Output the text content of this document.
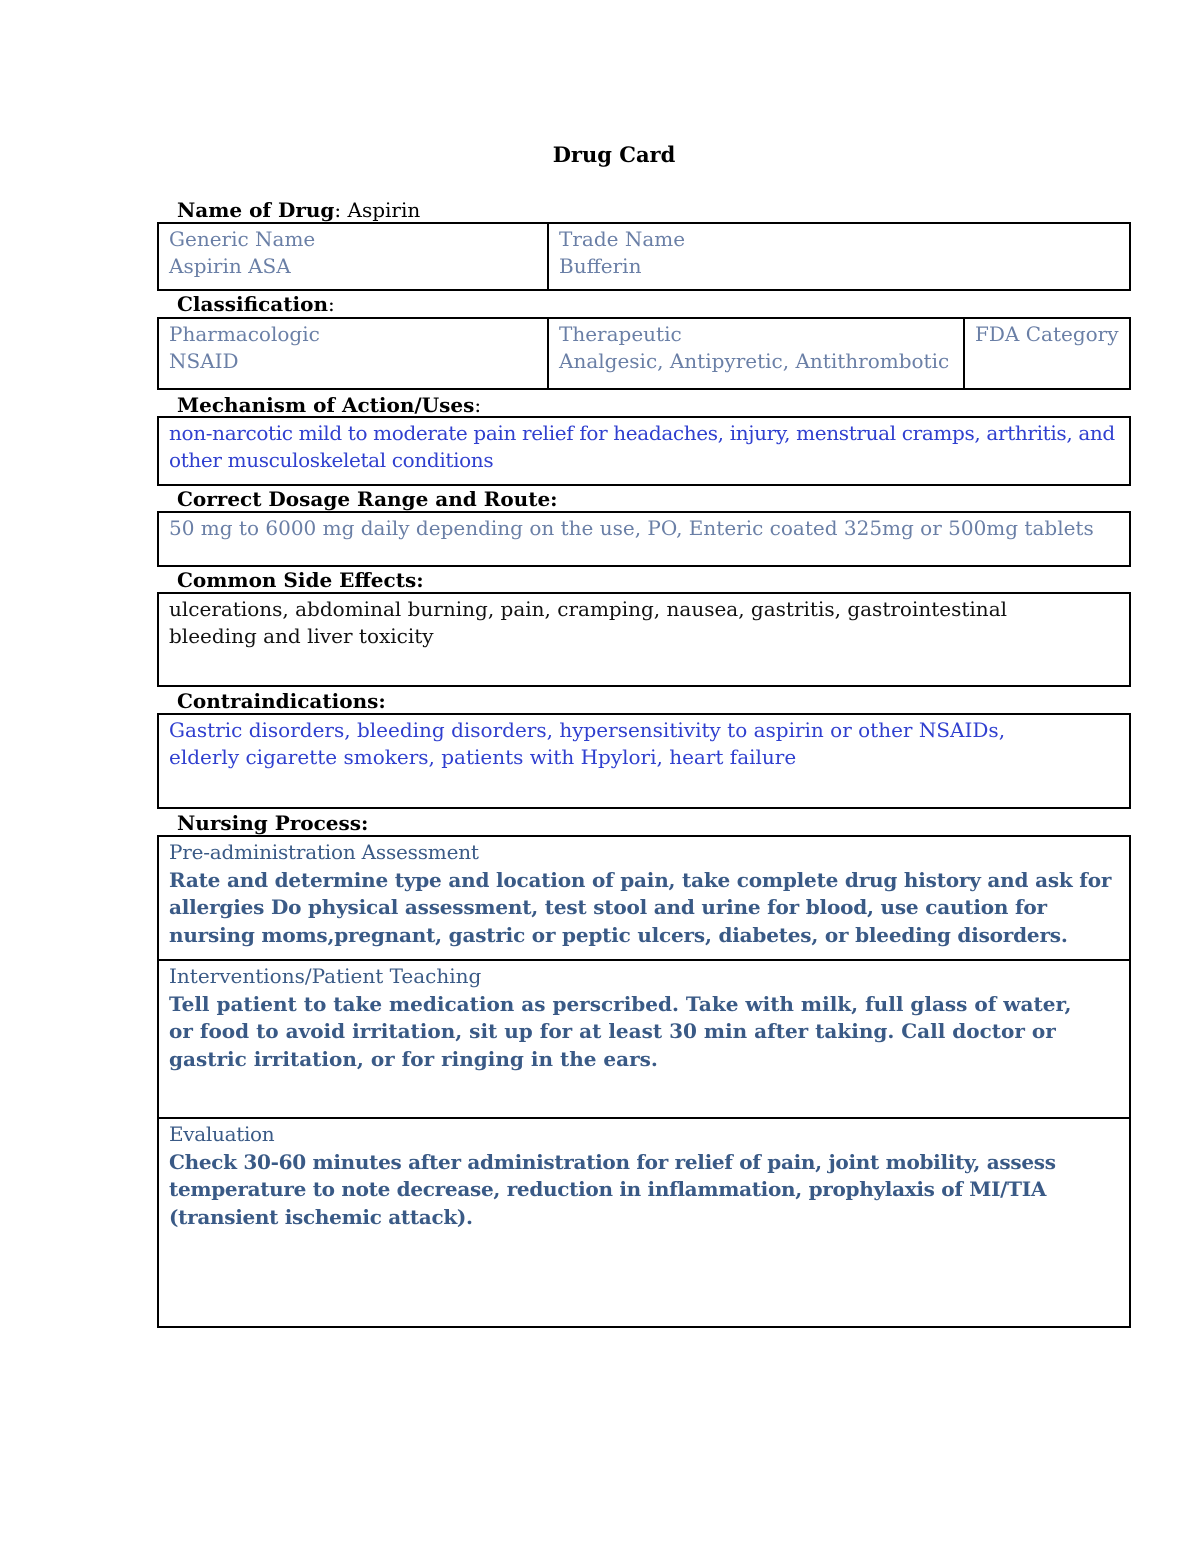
Drug Card
Name of Drug: Aspirin
Generic Name
Aspirin ASA
Trade Name
Bufferin
Classification:
Pharmacologic
NSAID
Therapeutic
Analgesic, Antipyretic, Antithrombotic
FDA Category
Mechanism of Action/Uses:
non-narcotic mild to moderate pain relief for headaches, injury, menstrual cramps, arthritis, and other musculoskeletal conditions
Correct Dosage Range and Route:
50 mg to 6000 mg daily depending on the use, PO, Enteric coated 325mg or 500mg tablets
Common Side Effects:
ulcerations, abdominal burning, pain, cramping, nausea, gastritis, gastrointestinal bleeding and liver toxicity
Contraindications:
Gastric disorders, bleeding disorders, hypersensitivity to aspirin or other NSAIDs, elderly cigarette smokers, patients with Hpylori, heart failure
Nursing Process:
Pre-administration Assessment
Rate and determine type and location of pain, take complete drug history and ask for allergies Do physical assessment, test stool and urine for blood, use caution for nursing moms,pregnant, gastric or peptic ulcers, diabetes, or bleeding disorders.
Interventions/Patient Teaching
Tell patient to take medication as perscribed. Take with milk, full glass of water, or food to avoid irritation, sit up for at least 30 min after taking. Call doctor or gastric irritation, or for ringing in the ears.
Evaluation
Check 30-60 minutes after administration for relief of pain, joint mobility, assess temperature to note decrease, reduction in inflammation, prophylaxis of MI/TIA (transient ischemic attack).
